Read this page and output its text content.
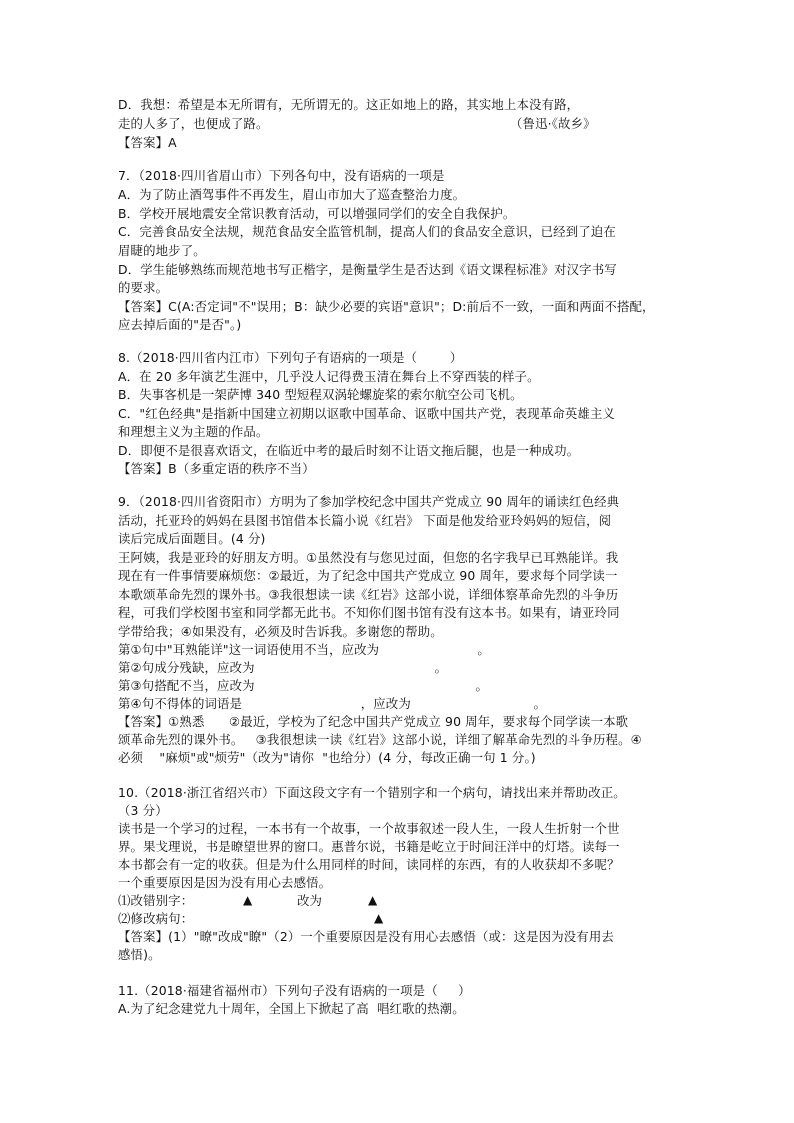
D．我想：希望是本无所谓有，无所谓无的。这正如地上的路，其实地上本没有路，
走的人多了，也便成了路。	（鲁迅·《故乡》
【答案】A
7．（2018·四川省眉山市）下列各句中，没有语病的一项是
A．为了防止酒驾事件不再发生，眉山市加大了巡查整治力度。
B．学校开展地震安全常识教育活动，可以增强同学们的安全自我保护。
C．完善食品安全法规，规范食品安全监管机制，提高人们的食品安全意识，已经到了迫在
眉睫的地步了。
D．学生能够熟练而规范地书写正楷字，是衡量学生是否达到《语文课程标准》对汉字书写
的要求。
【答案】C(A:否定词"不"误用；B：缺少必要的宾语"意识"；D:前后不一致，一面和两面不搭配，
应去掉后面的"是否"。)
8.（2018·四川省内江市）下列句子有语病的一项是（        ）
A．在 20 多年演艺生涯中，几乎没人记得费玉清在舞台上不穿西装的样子。
B．失事客机是一架萨博 340 型短程双涡轮螺旋桨的索尔航空公司飞机。
C．"红色经典"是指新中国建立初期以讴歌中国革命、讴歌中国共产党，表现革命英雄主义
和理想主义为主题的作品。
D．即便不是很喜欢语文，在临近中考的最后时刻不让语文拖后腿，也是一种成功。
【答案】B（多重定语的秩序不当）
9．（2018·四川省资阳市）方明为了参加学校纪念中国共产党成立 90 周年的诵读红色经典
活动，托亚玲的妈妈在县图书馆借本长篇小说《红岩》 下面是他发给亚玲妈妈的短信，阅
读后完成后面题目。(4 分)
王阿姨，我是亚玲的好朋友方明。①虽然没有与您见过面，但您的名字我早已耳熟能详。我
现在有一件事情要麻烦您：②最近，为了纪念中国共产党成立 90 周年，要求每个同学读一
本歌颂革命先烈的课外书。③我很想读一读《红岩》这部小说，详细体察革命先烈的斗争历
程，可我们学校图书室和同学都无此书。不知你们图书馆有没有这本书。如果有，请亚玲同
学带给我；④如果没有，必须及时告诉我。多谢您的帮助。
第①句中"耳熟能详"这一词语使用不当，应改为                        。
第②句成分残缺，应改为                                            。
第③句搭配不当，应改为                                                      。
第④句不得体的词语是                             ，应改为                              。
【答案】①熟悉      ②最近，学校为了纪念中国共产党成立 90 周年，要求每个同学读一本歌
颂革命先烈的课外书。   ③我很想读一读《红岩》这部小说，详细了解革命先烈的斗争历程。④
必须    "麻烦"或"烦劳"（改为"请你  "也给分）(4 分，每改正确一句 1 分。)
10.（2018·浙江省绍兴市）下面这段文字有一个错别字和一个病句，请找出来并帮助改正。
（3 分）
读书是一个学习的过程，一本书有一个故事，一个故事叙述一段人生，一段人生折射一个世
界。果戈理说，书是暸望世界的窗口。惠普尔说，书籍是屹立于时间汪洋中的灯塔。读每一
本书都会有一定的收获。但是为什么用同样的时间，读同样的东西，有的人收获却不多呢？
一个重要原因是因为没有用心去感悟。
⑴改错别字：	▲	改为	▲
⑵修改病句：	▲
【答案】(1）"暸"改成"瞭"（2）一个重要原因是没有用心去感悟（或：这是因为没有用去
感悟)。
11.（2018·福建省福州市）下列句子没有语病的一项是（     ）
A.为了纪念建党九十周年，全国上下掀起了高  唱红歌的热潮。
